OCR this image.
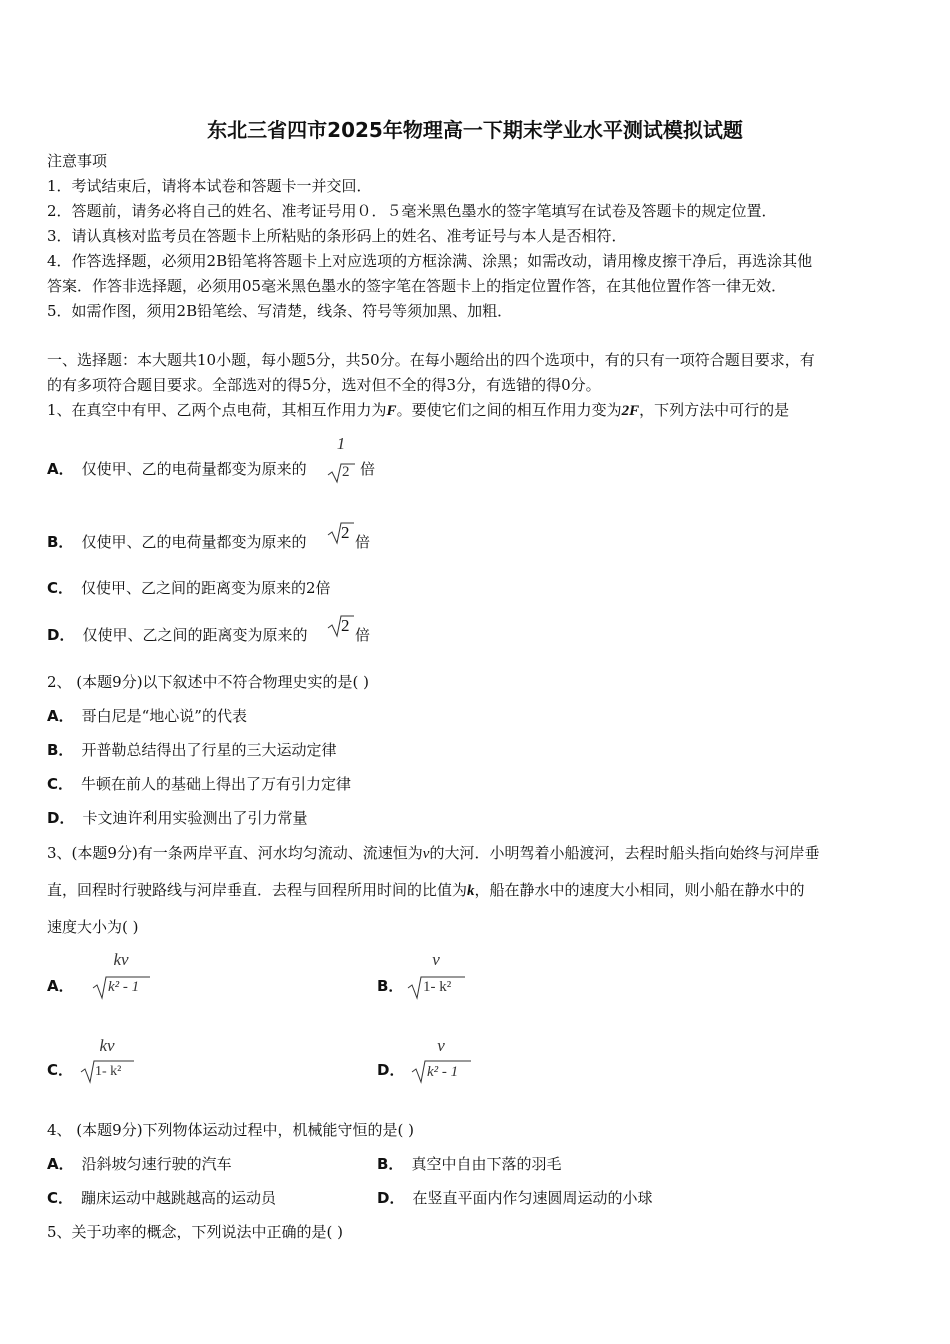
东北三省四市2025年物理高一下期末学业水平测试模拟试题
注意事项
1．考试结束后，请将本试卷和答题卡一并交回．
2．答题前，请务必将自己的姓名、准考证号用０．５毫米黑色墨水的签字笔填写在试卷及答题卡的规定位置．
3．请认真核对监考员在答题卡上所粘贴的条形码上的姓名、准考证号与本人是否相符．
4．作答选择题，必须用2B铅笔将答题卡上对应选项的方框涂满、涂黑；如需改动，请用橡皮擦干净后，再选涂其他
答案．作答非选择题，必须用05毫米黑色墨水的签字笔在答题卡上的指定位置作答，在其他位置作答一律无效．
5．如需作图，须用2B铅笔绘、写清楚，线条、符号等须加黑、加粗．
一、选择题：本大题共10小题，每小题5分，共50分。在每小题给出的四个选项中，有的只有一项符合题目要求，有
的有多项符合题目要求。全部选对的得5分，选对但不全的得3分，有选错的得0分。
1、在真空中有甲、乙两个点电荷，其相互作用力为F。要使它们之间的相互作用力变为2F，下列方法中可行的是
A． 仅使甲、乙的电荷量都变为原来的
1
2 倍
B． 仅使甲、乙的电荷量都变为原来的 2 倍
C． 仅使甲、乙之间的距离变为原来的2倍
D． 仅使甲、乙之间的距离变为原来的 2 倍
2、 (本题9分)以下叙述中不符合物理史实的是( )
A． 哥白尼是“地心说”的代表
B． 开普勒总结得出了行星的三大运动定律
C． 牛顿在前人的基础上得出了万有引力定律
D． 卡文迪许利用实验测出了引力常量
3、(本题9分)有一条两岸平直、河水均匀流动、流速恒为v的大河．小明驾着小船渡河，去程时船头指向始终与河岸垂
直，回程时行驶路线与河岸垂直．去程与回程所用时间的比值为k，船在静水中的速度大小相同，则小船在静水中的
速度大小为( )
A．
kv
k² - 1	B．
v
1- k²
C．
kv
1- k²	D．
v
k² - 1
4、 (本题9分)下列物体运动过程中，机械能守恒的是( )
A． 沿斜坡匀速行驶的汽车	B． 真空中自由下落的羽毛
C． 蹦床运动中越跳越高的运动员	D． 在竖直平面内作匀速圆周运动的小球
5、关于功率的概念，下列说法中正确的是( )
